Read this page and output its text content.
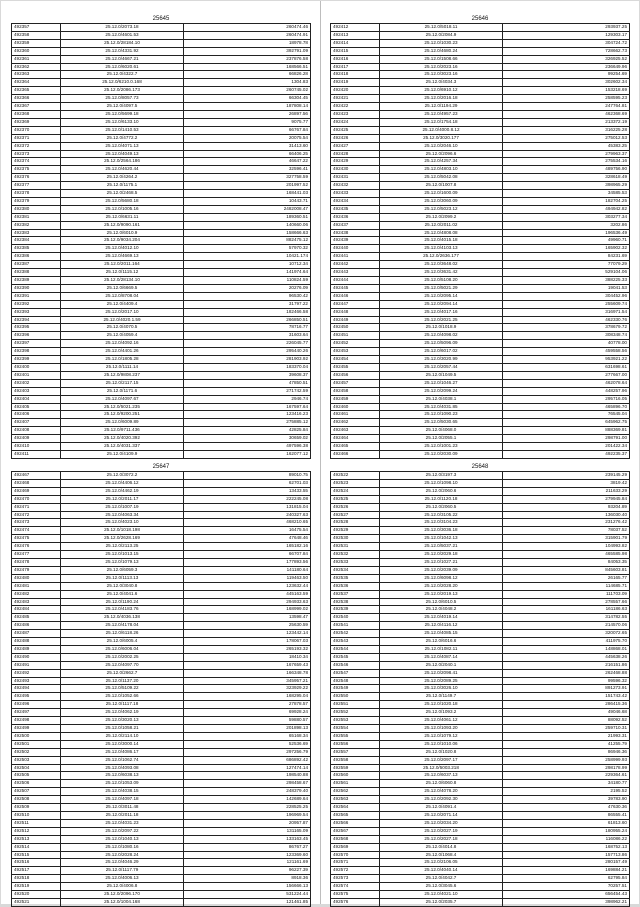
25645
492357	25.12.0/2073.18	260474.46
492358	25.12.0/4601.53	260474.91
492359	25.12.0/28184.10	18978.78
492360	25.12.0/4331.92	392791.09
492361	25.12.0/4667.21	237876.58
492362	25.12.0/6020.61	168566.51
492363	25.12.0/4322.7	66826.28
492364	25.12.0/6210.0.168	1304.83
492365	25.12.0/2086.173	260745.02
492366	25.12.0/8057.73	66304.45
492367	25.12.0/4097.5	187808.14
492368	25.12.0/5699.18	26897.56
492369	25.12.0/6133.10	9075.77
492370	25.12.0/1410.53	66767.84
492371	25.12.0/4772.2	20075.54
492372	25.12.0/4071.13	31413.60
492373	25.12.0/4049.13	66406.25
492374	25.12.0/2564.186	46647.22
492375	25.12.0/4620.44	32596.41
492376	25.12.0/4264.2	327758.59
492377	25.12.0/1175.1	201997.52
492378	25.12.0/2468.5	168441.03
492379	25.12.0/5680.18	10443.71
492380	25.12.0/1005.16	2482008.47
492381	25.12.0/6631.11	189360.51
492382	25.12.0/9090.161	140660.06
492383	25.12.0/6010.9	158666.63
492384	25.12.0/9034.204	882475.12
492385	25.12.0/4012.10	57970.32
492386	25.12.0/4669.13	10421.174
492387	25.12.0/2011.164	10712.34
492388	25.12.0/1115.12	141974.64
492389	25.12.0/28134.10	110824.59
492390	25.12.0/6669.5	20276.09
492391	25.12.0/8708.04	96530.42
492392	25.12.0/4409.4	31797.22
492393	25.12.0/2017.10	182466.58
492394	25.12.0/4020.1.59	266850.51
492395	25.12.0/4070.5	78716.77
492396	25.12.0/4059.4	31603.64
492397	25.12.0/4092.16	226045.77
492398	25.12.0/4401.26	295440.26
492399	25.12.0/1805.28	281903.92
492400	25.12.0/1111.14	183370.04
492401	25.12.0/9808.237	39608.37
492402	25.12.0/2117.15	47850.51
492403	25.12.0/1171.6	271742.59
492404	25.12.0/4097.67	2946.74
492405	25.12.0/5021.235	167597.64
492406	25.12.0/9200.251	123416.23
492407	25.12.0/6009.89	275885.12
492408	25.12.0/9711.436	42825.84
492409	25.12.0/4020.392	30659.02
492410	25.12.0/4031.337	497596.38
492411	25.12.0/4109.9	162077.12
25646
492412	25.12.0/5018.11	293937.25
492413	25.12.0/2084.9	129303.17
492414	25.12.0/1030.23	304724.72
492415	25.12.0/4680.24	728662.73
492416	25.12.0/1508.66	326925.52
492417	25.12.0/2023.16	236649.96
492418	25.12.0/3023.16	99254.69
492419	25.12.0/4034.3	302602.34
492420	25.12.0/6910.12	153218.69
492421	25.12.0/2016.18	258595.23
492422	25.12.0/1194.29	247764.81
492423	25.12.0/4957.23	462368.69
492424	25.12.0/1754.18	213372.19
492425	25.12.0/4000.8.12	316225.28
492426	25.12.0/3020.177	275012.53
492427	25.12.0/2046.10	45383.25
492428	25.12.0/2096.6	279963.37
492429	25.12.0/4257.34	275534.16
492430	25.12.0/4803.10	489756.90
492431	25.12.0/5042.08	328618.49
492432	25.12.0/1007.8	398965.29
492433	25.12.0/1600.09	34585.53
492434	25.12.0/3060.09	182704.25
492435	25.12.0/5023.12	494942.82
492436	25.12.0/2099.2	303277.34
492437	25.12.0/2011.02	3202.86
492438	25.12.0/4808.08	196536.49
492439	25.12.0/4015.18	49960.71
492440	25.12.0/4103.13	165902.32
492441	25.12.0/2636.177	84231.69
492442	25.12.0/3648.02	77079.29
492443	25.12.0/3631.42	529104.06
492444	25.12.0/5108.20	388225.33
492445	25.12.0/5021.29	19041.53
492446	25.12.0/2095.14	304452.96
492447	25.12.0/2094.14	255609.74
492448	25.12.0/4017.16	316971.54
492449	25.12.0/2021.25	462330.76
492450	25.12.0/1018.9	378679.72
492451	25.12.0/4098.02	308348.74
492452	25.12.0/5096.09	40778.00
492453	25.12.0/6017.02	459558.56
492454	25.12.0/3020.99	953921.22
492455	25.12.0/2057.44	631698.61
492456	25.12.0/1049.5	277667.00
492457	25.12.0/1046.27	462078.64
492458	25.12.0/2099.24	448257.96
492459	25.12.0/4038.1	295716.05
492460	25.12.0/4031.85	465896.70
492461	25.12.0/1090.23	76545.04
492462	25.12.0/5030.65	645962.75
492463	25.12.0/4068.0	888369.81
492464	25.12.0/2055.1	298791.00
492465	25.12.0/1001.23	201422.34
492466	25.12.0/2030.09	492235.37
25647
492467	25.12.0/3072.2	89010.75
492468	25.12.0/4406.12	62701.03
492469	25.12.0/4462.19	13433.55
492470	25.12.0/2011.17	222245.08
492471	25.12.0/1007.19	131815.04
492472	25.12.0/4063.34	240327.63
492473	25.12.0/4023.10	468210.65
492474	25.12.0/1018.198	16475.54
492475	25.12.0/2628.169	47648.46
492476	25.12.0/2113.25	165182.16
492477	25.12.0/1013.15	66707.84
492478	25.12.0/1079.13	177893.56
492479	25.12.0/6059.3	141180.64
492480	25.12.0/1113.13	119463.50
492481	25.12.0/3040.8	123632.44
492482	25.12.0/4041.6	445163.59
492483	25.12.0/1190.24	294933.63
492484	25.12.0/4183.76	168999.02
492485	25.12.0/4036.138	13598.47
492486	25.12.0/4178.04	25630.59
492487	25.12.0/6118.26	123442.14
492488	25.12.0/6005.4	178067.03
492489	25.12.0/6006.04	265193.32
492490	25.12.0/2002.25	18410.34
492491	25.12.0/4097.70	167659.43
492492	25.12.0/2662.7	166348.78
492493	25.12.0/1137.20	345957.21
492494	25.12.0/5109.22	323929.22
492495	25.12.0/1052.66	168295.04
492496	25.12.0/1117.18	27878.57
492497	25.12.0/4062.19	69928.24
492498	25.12.0/3020.13	59880.57
492499	25.12.0/1058.21	201898.13
492500	25.12.0/2114.10	65168.34
492501	25.12.0/3000.14	52536.69
492502	25.12.0/4086.17	297256.79
492503	25.12.0/1062.74	686892.42
492504	25.12.0/4093.08	127474.14
492505	25.12.0/6038.13	198540.88
492506	25.12.0/1053.09	298458.67
492507	25.12.0/4038.15	248379.40
492508	25.12.0/4097.18	142689.64
492509	25.12.0/3011.48	228525.25
492510	25.12.0/2011.18	196969.54
492511	25.12.0/4031.23	20957.87
492512	25.12.0/2097.22	131165.09
492513	25.12.0/1040.13	133163.45
492514	25.12.0/1080.16	86767.27
492515	25.12.0/2028.24	123369.60
492516	25.12.0/4046.29	121161.69
492517	25.12.0/1117.79	96227.39
492518	25.12.0/4006.13	8918.36
492519	25.12.0/4006.8	156666.13
492520	25.12.0/2096.170	531224.44
492521	25.12.0/1004.168	121461.85
25648
492522	25.12.0/3197.3	239145.29
492523	25.12.0/1098.10	3819.42
492524	25.12.0/2060.6	211633.29
492525	25.12.0/1120.18	279945.84
492526	25.12.0/2060.5	93204.89
492527	25.12.0/3105.22	136030.40
492528	25.12.0/3104.23	231276.42
492529	25.12.0/3036.18	78037.52
492530	25.12.0/1042.13	315901.79
492531	25.12.0/5037.21	104993.82
492532	25.12.0/2029.18	465585.98
492533	25.12.0/1027.21	84053.35
492534	25.12.0/2039.09	845603.81
492535	25.12.0/6098.12	26165.77
492536	25.12.0/2028.20	114685.71
492537	25.12.0/2019.13	111703.09
492538	25.12.0/6010.5	278557.66
492539	25.12.0/4048.2	161186.63
492540	25.12.0/4019.14	314782.55
492541	25.12.0/4116.12	214570.06
492542	25.12.0/4085.15	320072.65
492543	25.12.0/6016.6	411975.70
492544	25.12.0/1082.11	148868.01
492545	25.12.0/4087.14	445638.26
492546	25.12.0/2040.1	216151.86
492547	25.12.0/2098.41	262468.88
492548	25.12.0/2089.25	99596.32
492549	25.12.0/3026.10	891273.91
492550	25.12.0/1149.7	151743.42
492551	25.12.0/1020.18	286415.36
492552	25.12.0/1093.2	49046.68
492553	25.12.0/4061.12	88092.52
492554	25.12.0/1093.20	259710.31
492555	25.12.0/1079.12	21993.31
492556	25.12.0/1010.06	41255.79
492557	25.12.0/1020.8	86946.36
492558	25.12.0/2097.17	258999.93
492559	25.12.0/5003.218	298178.99
492560	25.12.0/6037.13	229364.61
492561	25.12.0/6060.8	34180.77
492562	25.12.0/4078.20	2195.52
492563	25.12.0/2092.30	39783.90
492564	25.12.0/4091.4	47630.36
492565	25.12.0/2071.14	86555.41
492566	25.12.0/2034.20	61813.60
492567	25.12.0/2027.19	180955.24
492568	25.12.0/2027.18	116086.22
492569	25.12.0/4014.8	168752.13
492570	25.12.0/1068.4	157713.86
492571	25.12.0/2106.05	280157.49
492572	25.12.0/4040.14	169884.21
492573	25.12.0/4042.7	62795.84
492574	25.12.0/3045.6	70257.51
492575	25.12.0/4021.10	656454.43
492576	25.12.0/2035.7	398962.21
